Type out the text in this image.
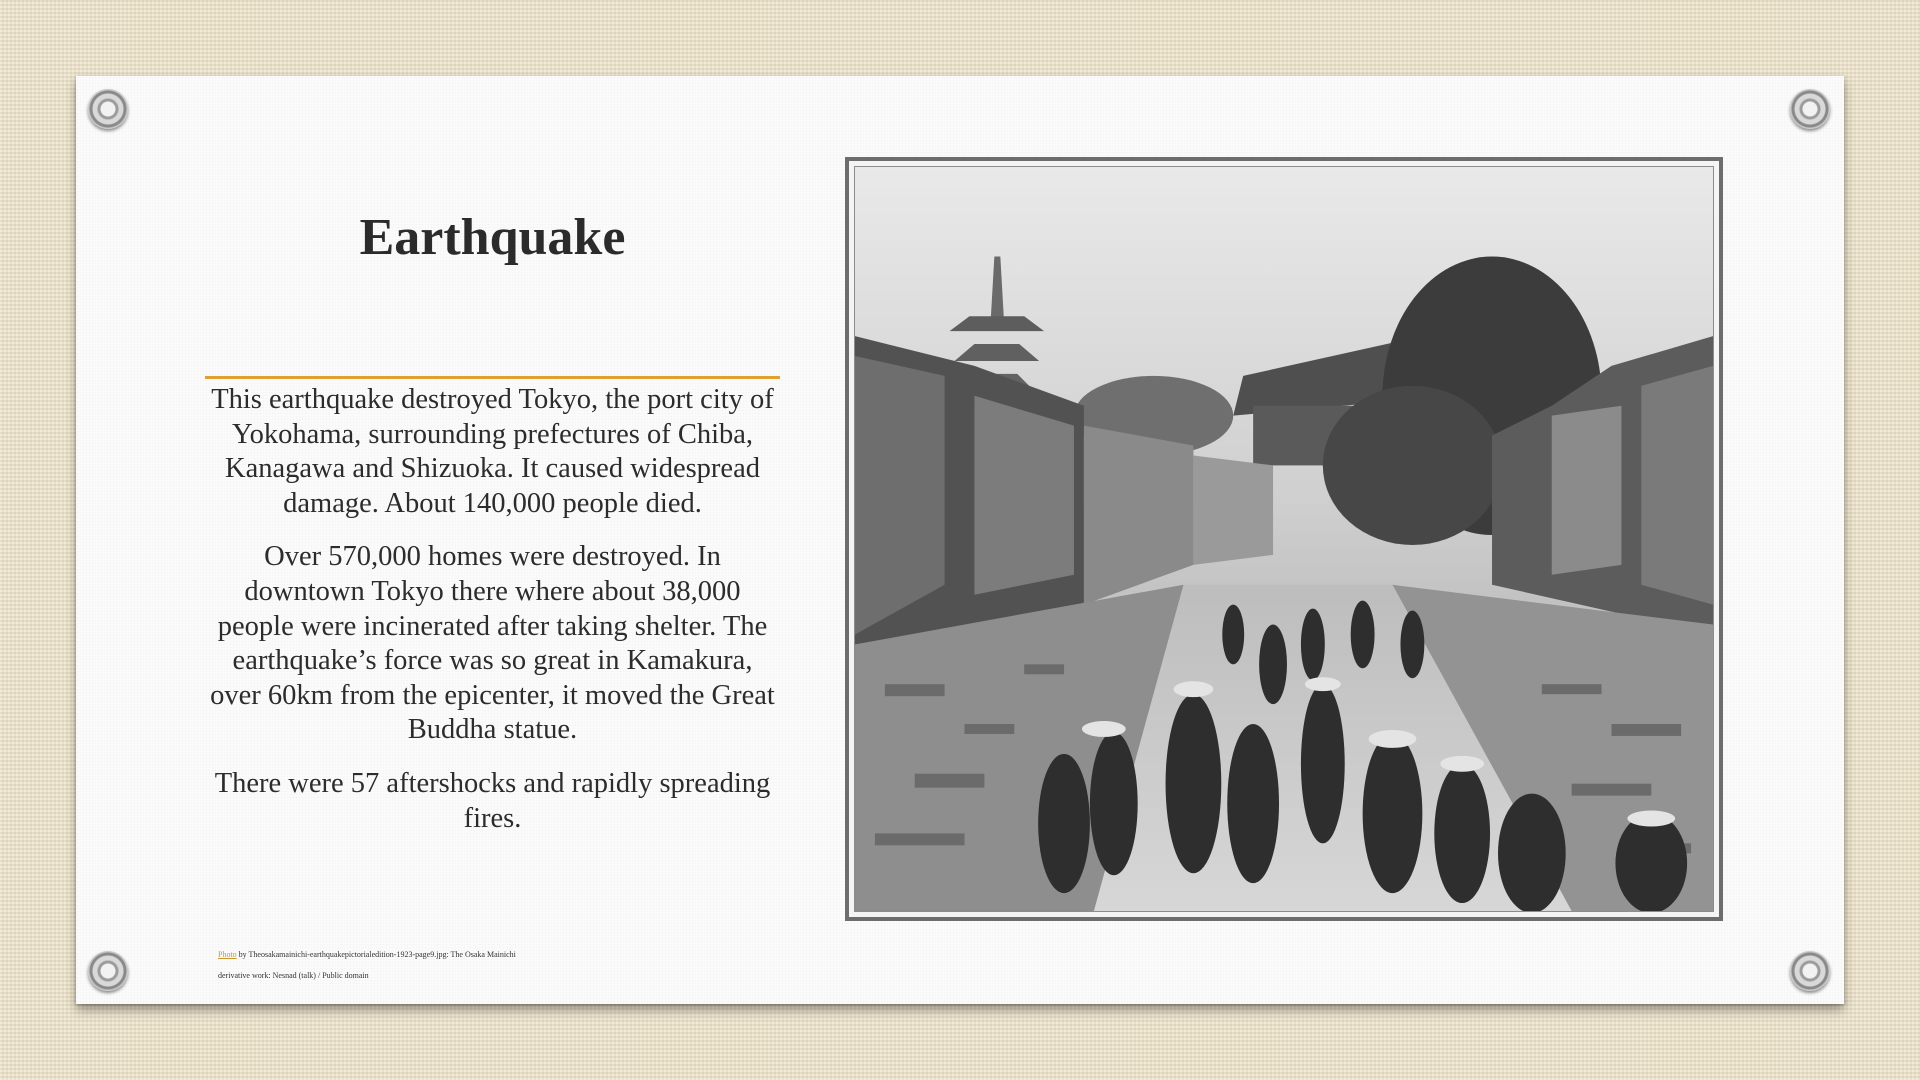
Earthquake

This earthquake destroyed Tokyo, the port city of Yokohama, surrounding prefectures of Chiba, Kanagawa and Shizuoka. It caused widespread damage. About 140,000 people died.

Over 570,000 homes were destroyed. In downtown Tokyo there where about 38,000 people were incinerated after taking shelter. The earthquake’s force was so great in Kamakura, over 60km from the epicenter, it moved the Great Buddha statue.

There were 57 aftershocks and rapidly spreading fires.

Photo by Theosakamainichi-earthquakepictorialedition-1923-page9.jpg: The Osaka Mainichi
derivative work: Nesnad (talk) / Public domain
